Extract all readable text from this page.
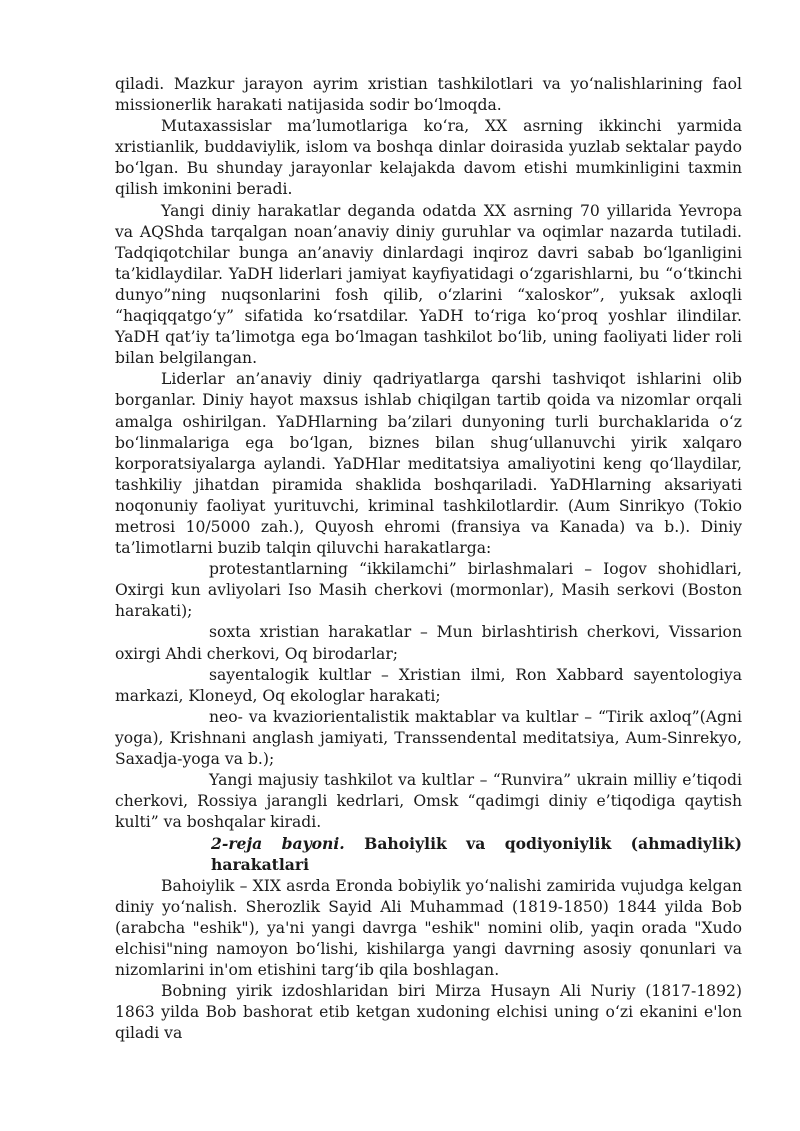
qiladi. Mazkur jarayon ayrim xristian tashkilotlari va yo‘nalishlarining faol missionerlik harakati natijasida sodir bo‘lmoqda.

Mutaxassislar ma’lumotlariga ko‘ra, XX asrning ikkinchi yarmida xristianlik, buddaviylik, islom va boshqa dinlar doirasida yuzlab sektalar paydo bo‘lgan. Bu shunday jarayonlar kelajakda davom etishi mumkinligini taxmin qilish imkonini beradi.

Yangi diniy harakatlar deganda odatda XX asrning 70 yillarida Yevropa va AQShda tarqalgan noan’anaviy diniy guruhlar va oqimlar nazarda tutiladi. Tadqiqotchilar bunga an’anaviy dinlardagi inqiroz davri sabab bo‘lganligini ta’kidlaydilar. YaDH liderlari jamiyat kayfiyatidagi o‘zgarishlarni, bu “o‘tkinchi dunyo”ning nuqsonlarini fosh qilib, o‘zlarini “xaloskor”, yuksak axloqli “haqiqqatgo‘y” sifatida ko‘rsatdilar. YaDH to‘riga ko‘proq yoshlar ilindilar. YaDH qat’iy ta’limotga ega bo‘lmagan tashkilot bo‘lib, uning faoliyati lider roli bilan belgilangan.

Liderlar an’anaviy diniy qadriyatlarga qarshi tashviqot ishlarini olib borganlar. Diniy hayot maxsus ishlab chiqilgan tartib qoida va nizomlar orqali amalga oshirilgan. YaDHlarning ba’zilari dunyoning turli burchaklarida o‘z bo‘linmalariga ega bo‘lgan, biznes bilan shug‘ullanuvchi yirik xalqaro korporatsiyalarga aylandi. YaDHlar meditatsiya amaliyotini keng qo‘llaydilar, tashkiliy jihatdan piramida shaklida boshqariladi. YaDHlarning aksariyati noqonuniy faoliyat yurituvchi, kriminal tashkilotlardir. (Aum Sinrikyo (Tokio metrosi 10/5000 zah.), Quyosh ehromi (fransiya va Kanada) va b.). Diniy ta’limotlarni buzib talqin qiluvchi harakatlarga:

protestantlarning “ikkilamchi” birlashmalari – Iogov shohidlari, Oxirgi kun avliyolari Iso Masih cherkovi (mormonlar), Masih serkovi (Boston harakati);

soxta xristian harakatlar – Mun birlashtirish cherkovi, Vissarion oxirgi Ahdi cherkovi, Oq birodarlar;

sayentalogik kultlar – Xristian ilmi, Ron Xabbard sayentologiya markazi, Kloneyd, Oq ekologlar harakati;

neo- va kvaziorientalistik maktablar va kultlar – “Tirik axloq”(Agni yoga), Krishnani anglash jamiyati, Transsendental meditatsiya, Aum-Sinrekyo, Saxadja-yoga va b.);

Yangi majusiy tashkilot va kultlar – “Runvira” ukrain milliy e’tiqodi cherkovi, Rossiya jarangli kedrlari, Omsk “qadimgi diniy e’tiqodiga qaytish kulti” va boshqalar kiradi.

2-reja bayoni. Bahoiylik va qodiyoniylik (ahmadiylik) harakatlari

Bahoiylik – XIX asrda Eronda bobiylik yo‘nalishi zamirida vujudga kelgan diniy yo‘nalish. Sherozlik Sayid Ali Muhammad (1819-1850) 1844 yilda Bob (arabcha "eshik"), ya'ni yangi davrga "eshik" nomini olib, yaqin orada "Xudo elchisi"ning namoyon bo‘lishi, kishilarga yangi davrning asosiy qonunlari va nizomlarini in'om etishini targ‘ib qila boshlagan.

Bobning yirik izdoshlaridan biri Mirza Husayn Ali Nuriy (1817-1892) 1863 yilda Bob bashorat etib ketgan xudoning elchisi uning o‘zi ekanini e'lon qiladi va
